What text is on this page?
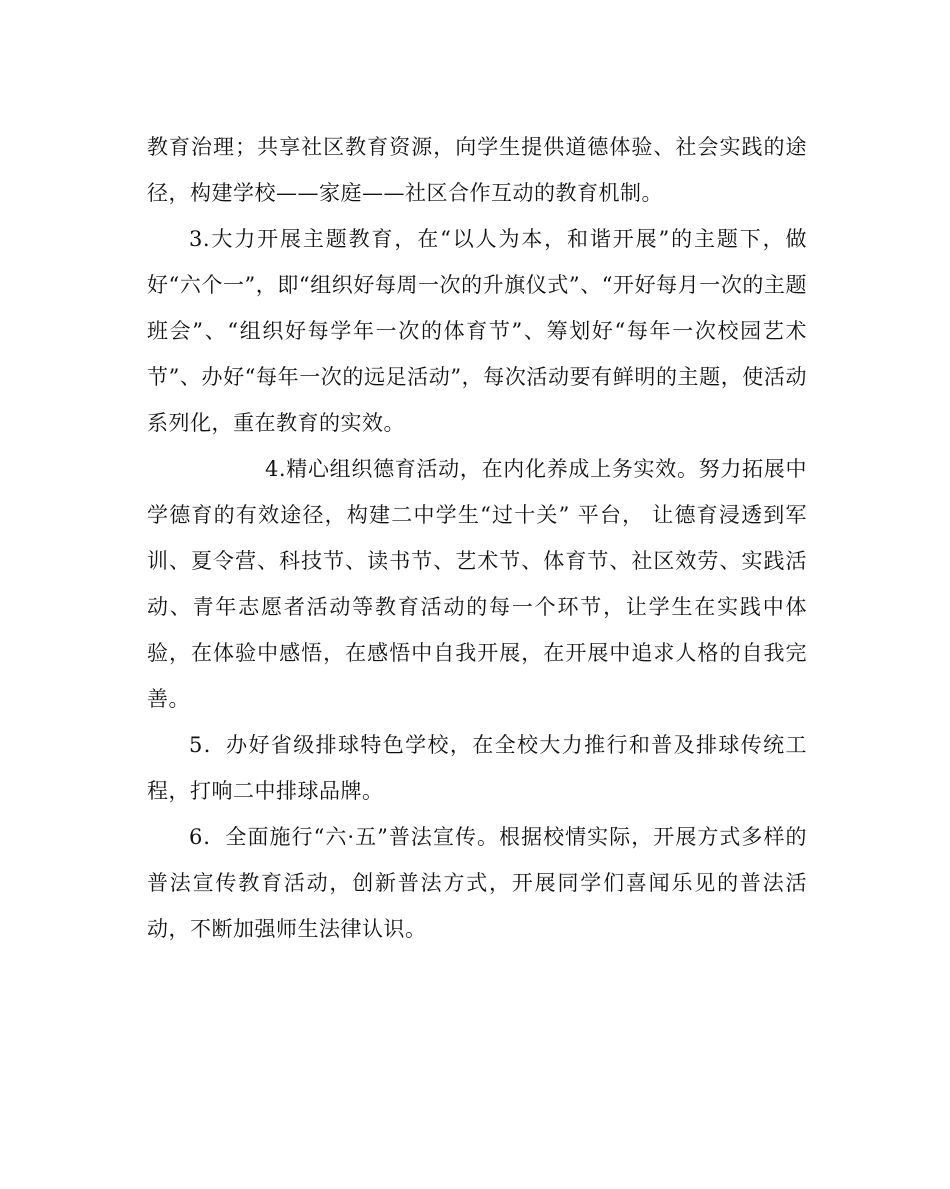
教育治理；共享社区教育资源，向学生提供道德体验、社会实践的途径，构建学校——家庭——社区合作互动的教育机制。

3.大力开展主题教育，在“以人为本，和谐开展”的主题下，做好“六个一”，即“组织好每周一次的升旗仪式”、“开好每月一次的主题班会”、“组织好每学年一次的体育节”、筹划好“每年一次校园艺术节”、办好“每年一次的远足活动”，每次活动要有鲜明的主题，使活动系列化，重在教育的实效。

4.精心组织德育活动，在内化养成上务实效。努力拓展中学德育的有效途径，构建二中学生“过十关” 平台， 让德育浸透到军训、夏令营、科技节、读书节、艺术节、体育节、社区效劳、实践活动、青年志愿者活动等教育活动的每一个环节，让学生在实践中体验，在体验中感悟，在感悟中自我开展，在开展中追求人格的自我完善。

5．办好省级排球特色学校，在全校大力推行和普及排球传统工程，打响二中排球品牌。

6．全面施行“六·五”普法宣传。根据校情实际，开展方式多样的普法宣传教育活动，创新普法方式，开展同学们喜闻乐见的普法活动，不断加强师生法律认识。
